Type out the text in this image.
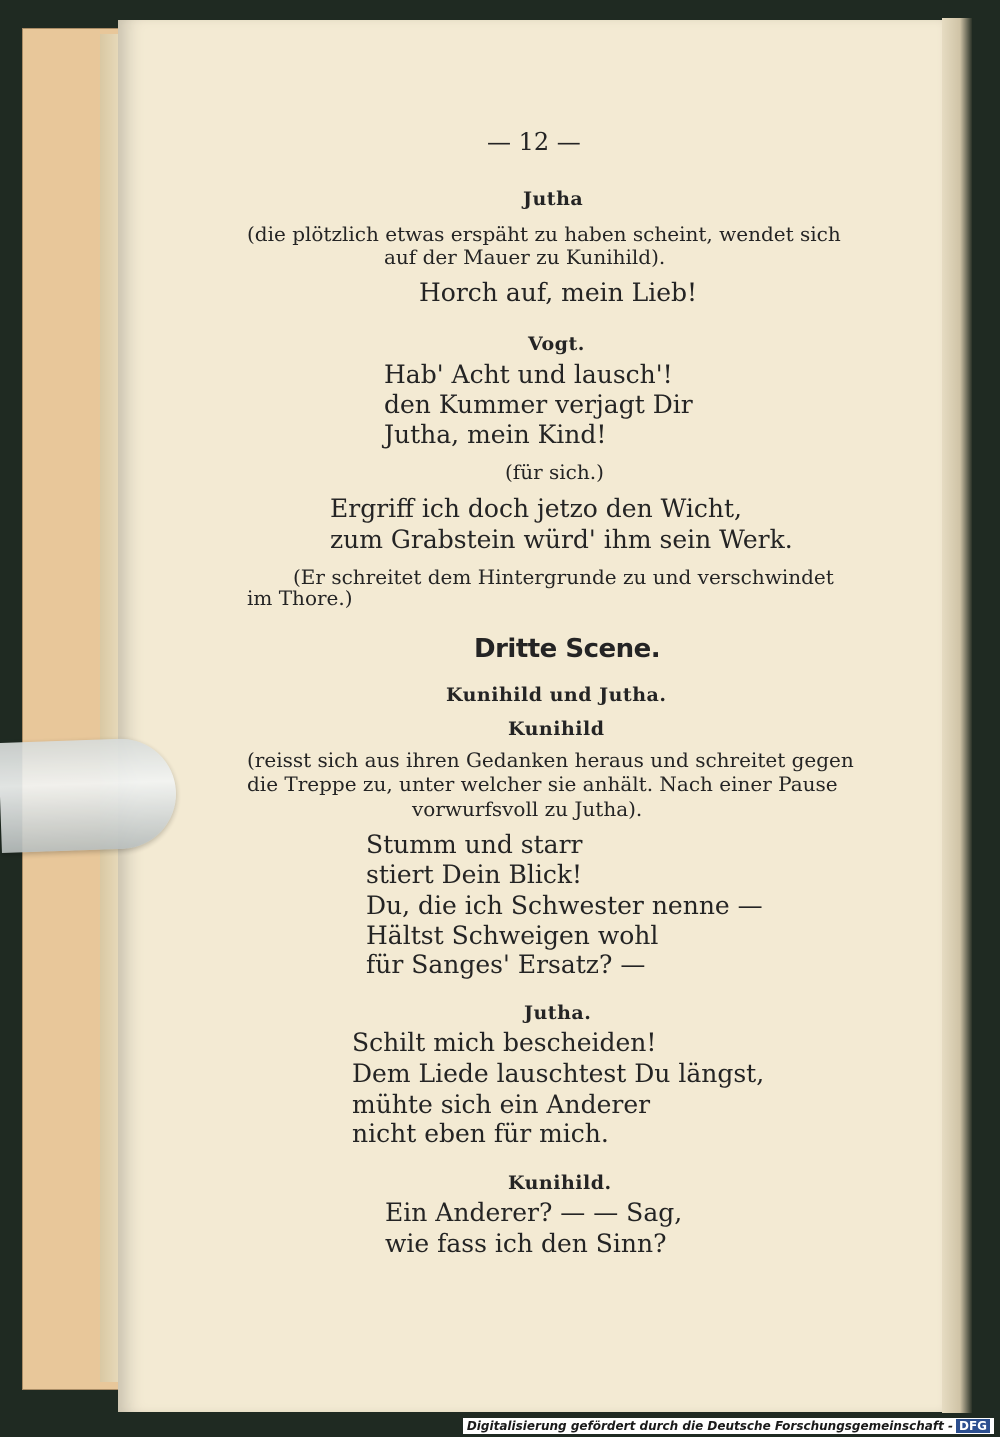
— 12 —
Jutha
(die plötzlich etwas erspäht zu haben scheint, wendet sich
auf der Mauer zu Kunihild).
Horch auf, mein Lieb!
Vogt.
Hab' Acht und lausch'!
den Kummer verjagt Dir
Jutha, mein Kind!
(für sich.)
Ergriff ich doch jetzo den Wicht,
zum Grabstein würd' ihm sein Werk.
(Er schreitet dem Hintergrunde zu und verschwindet
im Thore.)
Dritte Scene.
Kunihild und Jutha.
Kunihild
(reisst sich aus ihren Gedanken heraus und schreitet gegen
die Treppe zu, unter welcher sie anhält. Nach einer Pause
vorwurfsvoll zu Jutha).
Stumm und starr
stiert Dein Blick!
Du, die ich Schwester nenne —
Hältst Schweigen wohl
für Sanges' Ersatz? —
Jutha.
Schilt mich bescheiden!
Dem Liede lauschtest Du längst,
mühte sich ein Anderer
nicht eben für mich.
Kunihild.
Ein Anderer? — — Sag,
wie fass ich den Sinn?
Digitalisierung gefördert durch die Deutsche Forschungsgemeinschaft - DFG
